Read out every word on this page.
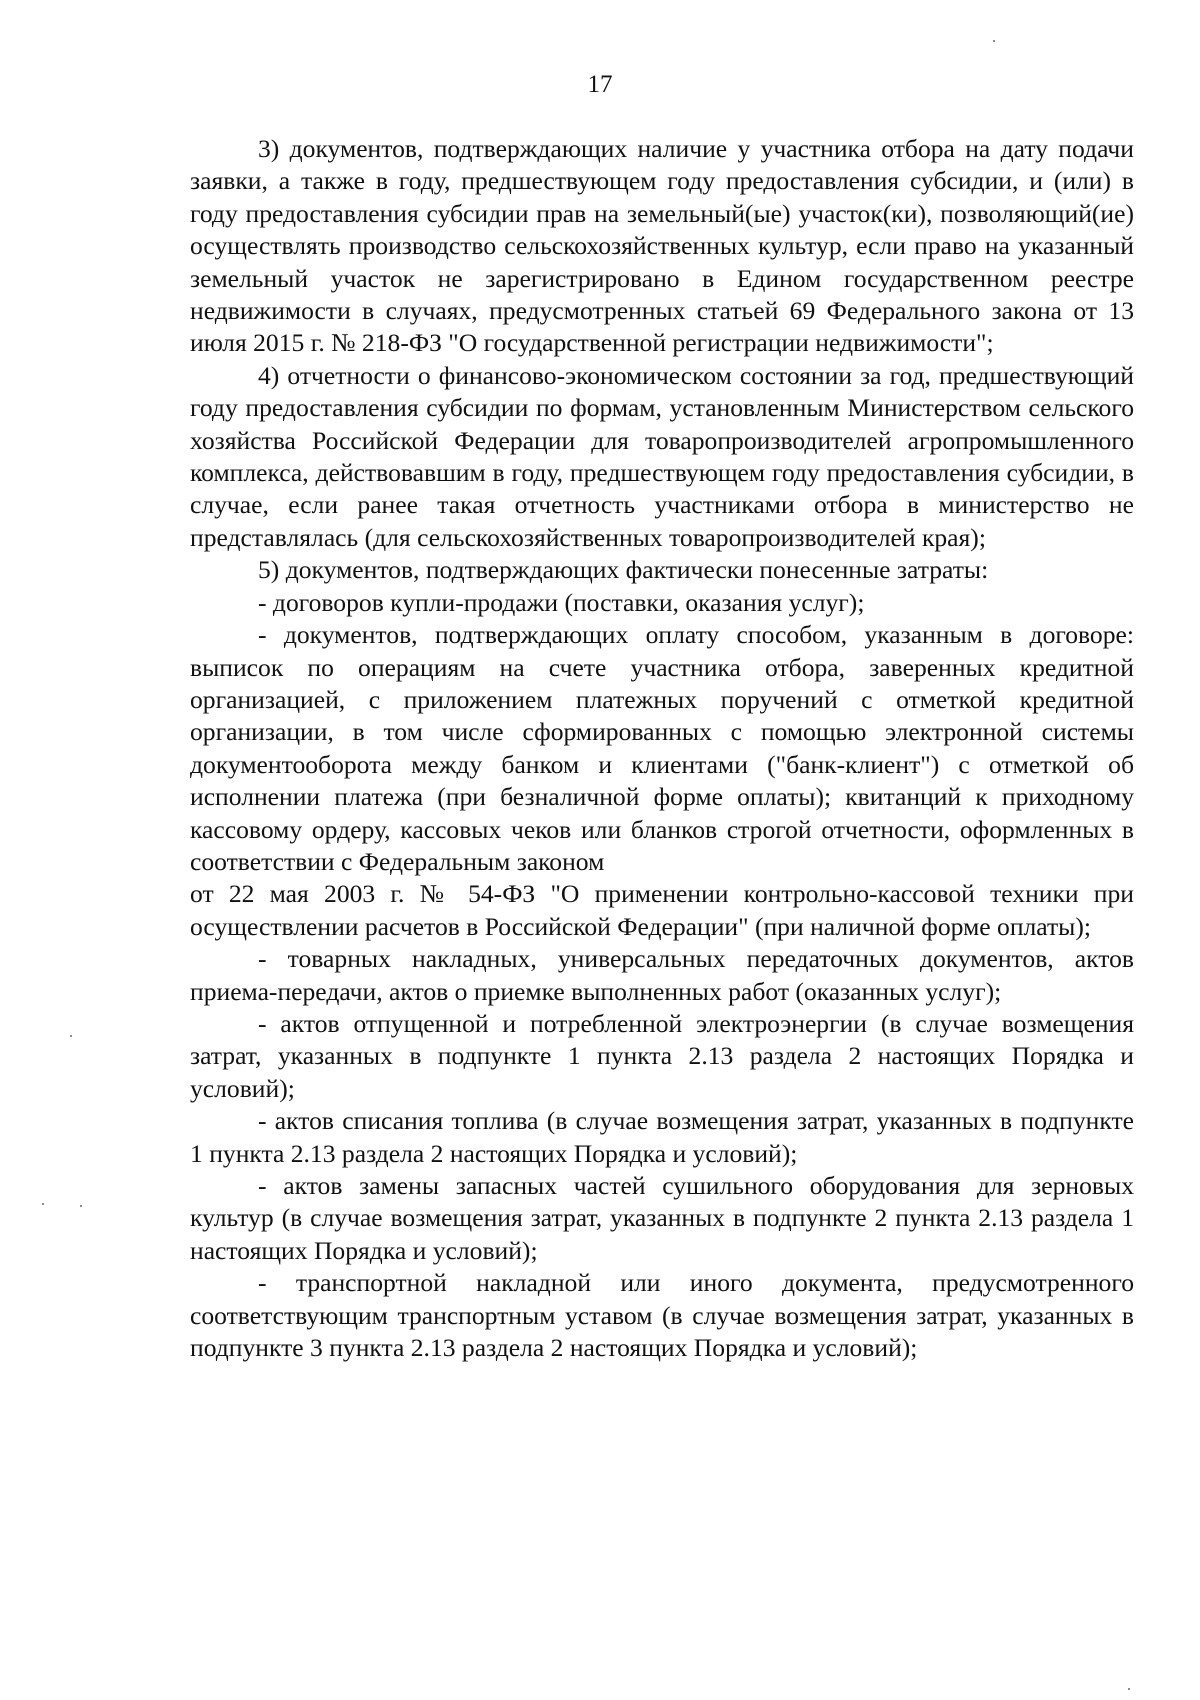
17

3) документов, подтверждающих наличие у участника отбора на дату подачи заявки, а также в году, предшествующем году предоставления субсидии, и (или) в году предоставления субсидии прав на земельный(ые) участок(ки), позволяющий(ие) осуществлять производство сельскохозяйственных культур, если право на указанный земельный участок не зарегистрировано в Едином государственном реестре недвижимости в случаях, предусмотренных статьей 69 Федерального закона от 13 июля 2015 г. № 218-ФЗ "О государственной регистрации недвижимости";

4) отчетности о финансово-экономическом состоянии за год, предшествующий году предоставления субсидии по формам, установленным Министерством сельского хозяйства Российской Федерации для товаропроизводителей агропромышленного комплекса, действовавшим в году, предшествующем году предоставления субсидии, в случае, если ранее такая отчетность участниками отбора в министерство не представлялась (для сельскохозяйственных товаропроизводителей края);

5) документов, подтверждающих фактически понесенные затраты:

- договоров купли-продажи (поставки, оказания услуг);

- документов, подтверждающих оплату способом, указанным в договоре: выписок по операциям на счете участника отбора, заверенных кредитной организацией, с приложением платежных поручений с отметкой кредитной организации, в том числе сформированных с помощью электронной системы документооборота между банком и клиентами ("банк-клиент") с отметкой об исполнении платежа (при безналичной форме оплаты); квитанций к приходному кассовому ордеру, кассовых чеков или бланков строгой отчетности, оформленных в соответствии с Федеральным законом

от 22 мая 2003 г. № 54-ФЗ "О применении контрольно-кассовой техники при осуществлении расчетов в Российской Федерации" (при наличной форме оплаты);

- товарных накладных, универсальных передаточных документов, актов приема-передачи, актов о приемке выполненных работ (оказанных услуг);

- актов отпущенной и потребленной электроэнергии (в случае возмещения затрат, указанных в подпункте 1 пункта 2.13 раздела 2 настоящих Порядка и условий);

- актов списания топлива (в случае возмещения затрат, указанных в подпункте 1 пункта 2.13 раздела 2 настоящих Порядка и условий);

- актов замены запасных частей сушильного оборудования для зерновых культур (в случае возмещения затрат, указанных в подпункте 2 пункта 2.13 раздела 1 настоящих Порядка и условий);

- транспортной накладной или иного документа, предусмотренного соответствующим транспортным уставом (в случае возмещения затрат, указанных в подпункте 3 пункта 2.13 раздела 2 настоящих Порядка и условий);
